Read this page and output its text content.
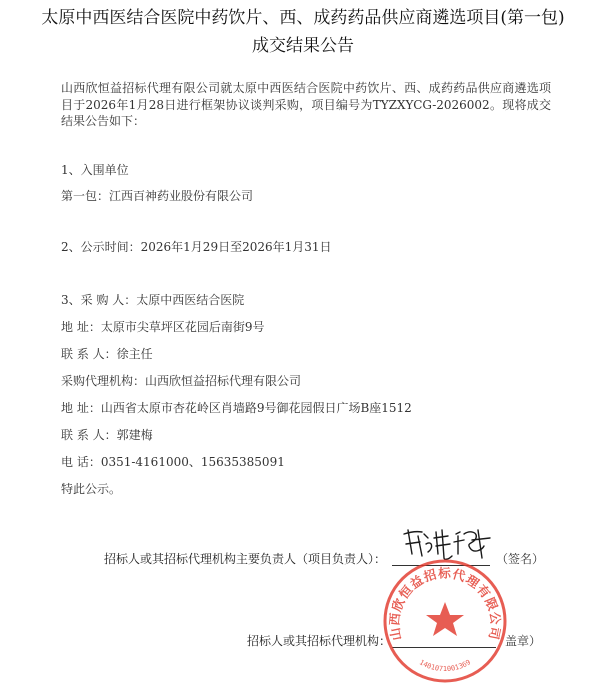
太原中西医结合医院中药饮片、西、成药药品供应商遴选项目(第一包)成交结果公告
山西欣恒益招标代理有限公司就太原中西医结合医院中药饮片、西、成药药品供应商遴选项目于2026年1月28日进行框架协议谈判采购，项目编号为TYZXYCG-2026002。现将成交结果公告如下：
1、入围单位
第一包：江西百神药业股份有限公司
2、公示时间：2026年1月29日至2026年1月31日
3、采 购 人：太原中西医结合医院
地 址：太原市尖草坪区花园后南街9号
联 系 人：徐主任
采购代理机构：山西欣恒益招标代理有限公司
地 址：山西省太原市杏花岭区肖墙路9号御花园假日广场B座1512
联 系 人：郭建梅
电 话：0351-4161000、15635385091
特此公示。
招标人或其招标代理机构主要负责人（项目负责人）：	（签名）
招标人或其招标代理机构：	盖章）
山西欣恒益招标代理有限公司
1401071001369
